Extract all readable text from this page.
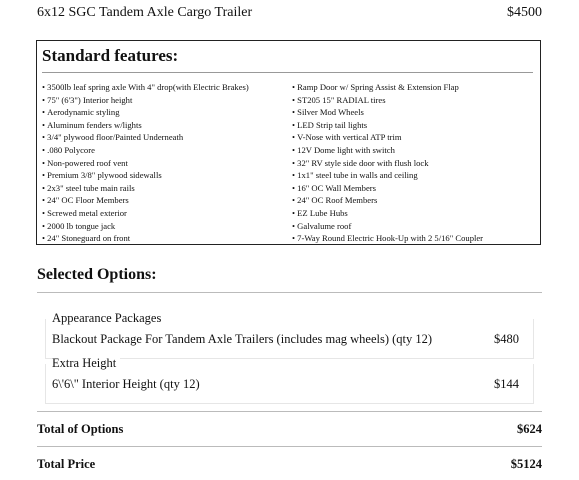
6x12 SGC Tandem Axle Cargo Trailer	$4500
Standard features:
• 3500lb leaf spring axle With 4" drop(with Electric Brakes)
• 75" (6'3") Interior height
• Aerodynamic styling
• Aluminum fenders w/lights
• 3/4" plywood floor/Painted Underneath
• .080 Polycore
• Non-powered roof vent
• Premium 3/8" plywood sidewalls
• 2x3" steel tube main rails
• 24" OC Floor Members
• Screwed metal exterior
• 2000 lb tongue jack
• 24" Stoneguard on front
• Ramp Door w/ Spring Assist & Extension Flap
• ST205 15" RADIAL tires
• Silver Mod Wheels
• LED Strip tail lights
• V-Nose with vertical ATP trim
• 12V Dome light with switch
• 32" RV style side door with flush lock
• 1x1" steel tube in walls and ceiling
• 16" OC Wall Members
• 24" OC Roof Members
• EZ Lube Hubs
• Galvalume roof
• 7-Way Round Electric Hook-Up with 2 5/16" Coupler
Selected Options:
Appearance Packages
Blackout Package For Tandem Axle Trailers (includes mag wheels) (qty 12)	$480
Extra Height
6\'6\" Interior Height (qty 12)	$144
Total of Options	$624
Total Price	$5124
